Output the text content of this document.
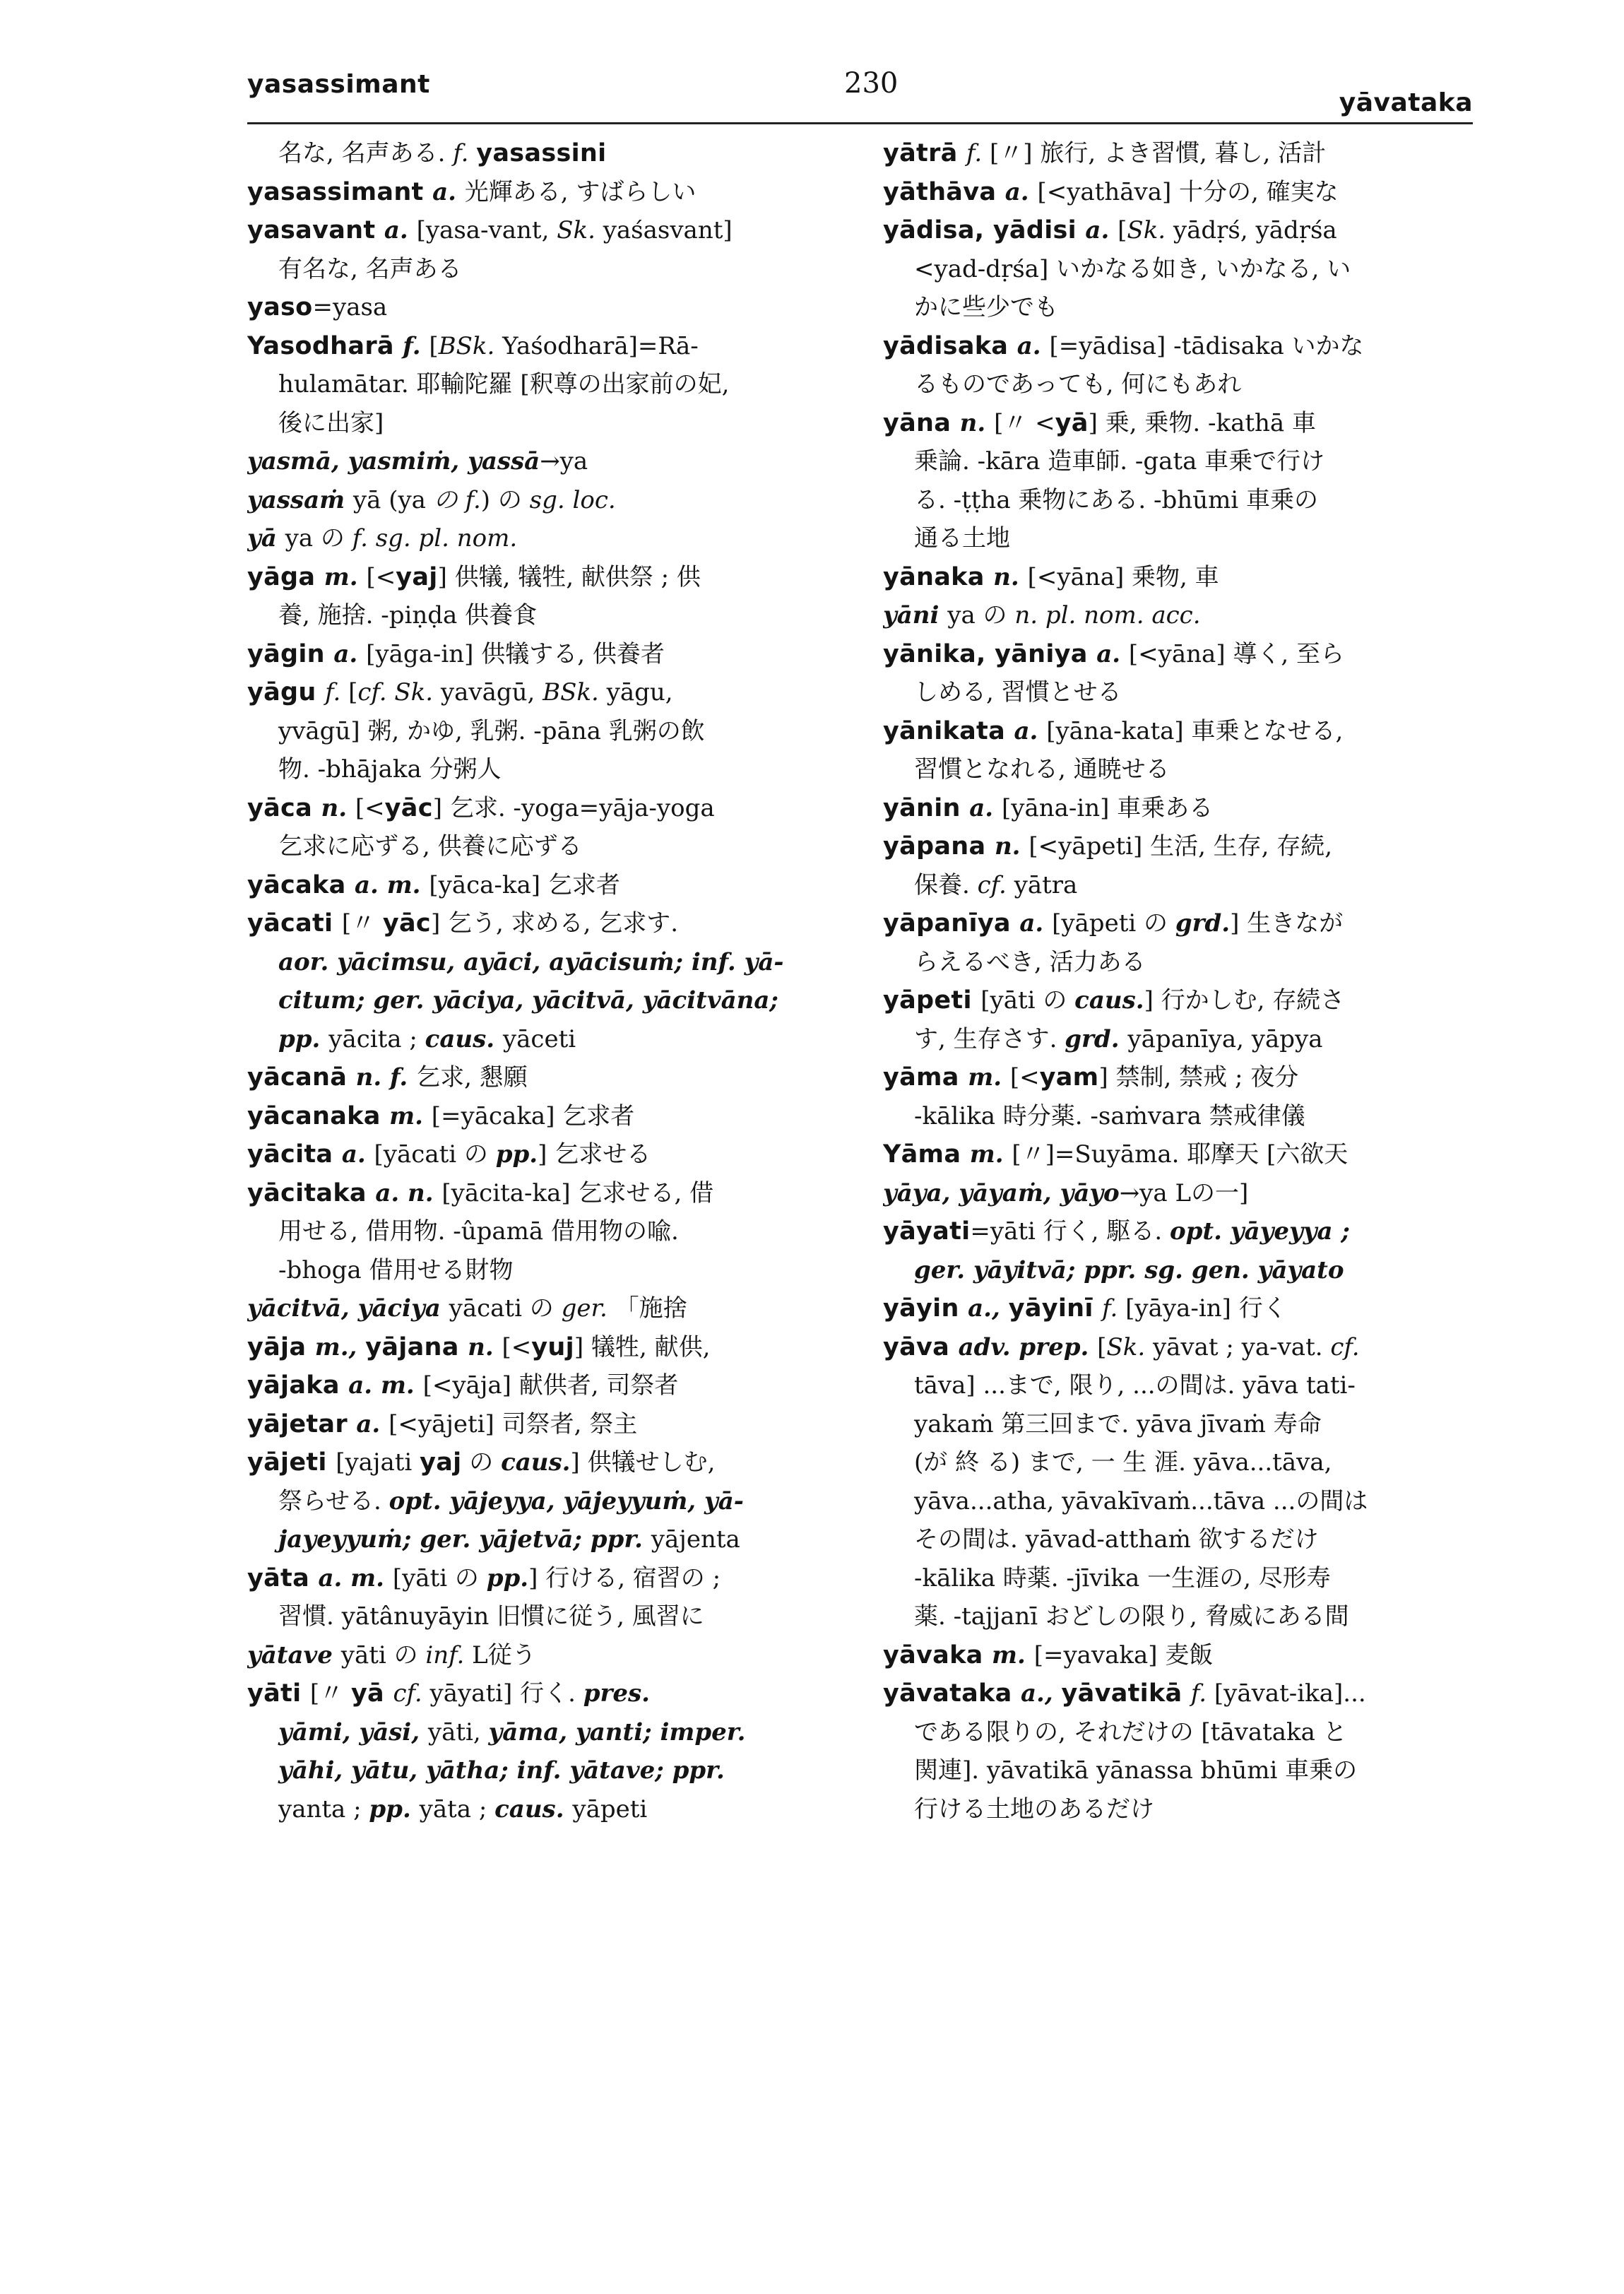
yasassimant	230
yāvataka
名な, 名声ある. f. yasassini
yasassimant a. 光輝ある, すばらしい
yasavant a. [yasa-vant, Sk. yaśasvant]
有名な, 名声ある
yaso=yasa
Yasodharā f. [BSk. Yaśodharā]=Rā-
hulamātar. 耶輸陀羅 [釈尊の出家前の妃,
後に出家]
yasmā, yasmiṁ, yassā→ya
yassaṁ yā (ya の f.) の sg. loc.
yā ya の f. sg. pl. nom.
yāga m. [<yaj] 供犠, 犠牲, 献供祭 ; 供
養, 施捨. -piṇḍa 供養食
yāgin a. [yāga-in] 供犠する, 供養者
yāgu f. [cf. Sk. yavāgū, BSk. yāgu,
yvāgū] 粥, かゆ, 乳粥. -pāna 乳粥の飲
物. -bhājaka 分粥人
yāca n. [<yāc] 乞求. -yoga=yāja-yoga
乞求に応ずる, 供養に応ずる
yācaka a. m. [yāca-ka] 乞求者
yācati [〃 yāc] 乞う, 求める, 乞求す.
aor. yācimsu, ayāci, ayācisuṁ; inf. yā-
citum; ger. yāciya, yācitvā, yācitvāna;
pp. yācita ; caus. yāceti
yācanā n. f. 乞求, 懇願
yācanaka m. [=yācaka] 乞求者
yācita a. [yācati の pp.] 乞求せる
yācitaka a. n. [yācita-ka] 乞求せる, 借
用せる, 借用物. -ûpamā 借用物の喩.
-bhoga 借用せる財物
yācitvā, yāciya yācati の ger. 「施捨
yāja m., yājana n. [<yuj] 犠牲, 献供,
yājaka a. m. [<yāja] 献供者, 司祭者
yājetar a. [<yājeti] 司祭者, 祭主
yājeti [yajati yaj の caus.] 供犠せしむ,
祭らせる. opt. yājeyya, yājeyyuṁ, yā-
jayeyyuṁ; ger. yājetvā; ppr. yājenta
yāta a. m. [yāti の pp.] 行ける, 宿習の ;
習慣. yātânuyāyin 旧慣に従う, 風習に
yātave yāti の inf. L従う
yāti [〃 yā cf. yāyati] 行く. pres.
yāmi, yāsi, yāti, yāma, yanti; imper.
yāhi, yātu, yātha; inf. yātave; ppr.
yanta ; pp. yāta ; caus. yāpeti
yātrā f. [〃] 旅行, よき習慣, 暮し, 活計
yāthāva a. [<yathāva] 十分の, 確実な
yādisa, yādisi a. [Sk. yādṛś, yādṛśa
<yad-dṛśa] いかなる如き, いかなる, い
かに些少でも
yādisaka a. [=yādisa] -tādisaka いかな
るものであっても, 何にもあれ
yāna n. [〃 <yā] 乗, 乗物. -kathā 車
乗論. -kāra 造車師. -gata 車乗で行け
る. -ṭṭha 乗物にある. -bhūmi 車乗の
通る土地
yānaka n. [<yāna] 乗物, 車
yāni ya の n. pl. nom. acc.
yānika, yāniya a. [<yāna] 導く, 至ら
しめる, 習慣とせる
yānikata a. [yāna-kata] 車乗となせる,
習慣となれる, 通暁せる
yānin a. [yāna-in] 車乗ある
yāpana n. [<yāpeti] 生活, 生存, 存続,
保養. cf. yātra
yāpanīya a. [yāpeti の grd.] 生きなが
らえるべき, 活力ある
yāpeti [yāti の caus.] 行かしむ, 存続さ
す, 生存さす. grd. yāpanīya, yāpya
yāma m. [<yam] 禁制, 禁戒 ; 夜分
-kālika 時分薬. -saṁvara 禁戒律儀
Yāma m. [〃]=Suyāma. 耶摩天 [六欲天
yāya, yāyaṁ, yāyo→ya Lの一]
yāyati=yāti 行く, 駆る. opt. yāyeyya ;
ger. yāyitvā; ppr. sg. gen. yāyato
yāyin a., yāyinī f. [yāya-in] 行く
yāva adv. prep. [Sk. yāvat ; ya-vat. cf.
tāva] ...まで, 限り, ...の間は. yāva tati-
yakaṁ 第三回まで. yāva jīvaṁ 寿命
(が 終 る) まで, 一 生 涯. yāva...tāva,
yāva...atha, yāvakīvaṁ...tāva ...の間は
その間は. yāvad-atthaṁ 欲するだけ
-kālika 時薬. -jīvika 一生涯の, 尽形寿
薬. -tajjanī おどしの限り, 脅威にある間
yāvaka m. [=yavaka] 麦飯
yāvataka a., yāvatikā f. [yāvat-ika]...
である限りの, それだけの [tāvataka と
関連]. yāvatikā yānassa bhūmi 車乗の
行ける土地のあるだけ
